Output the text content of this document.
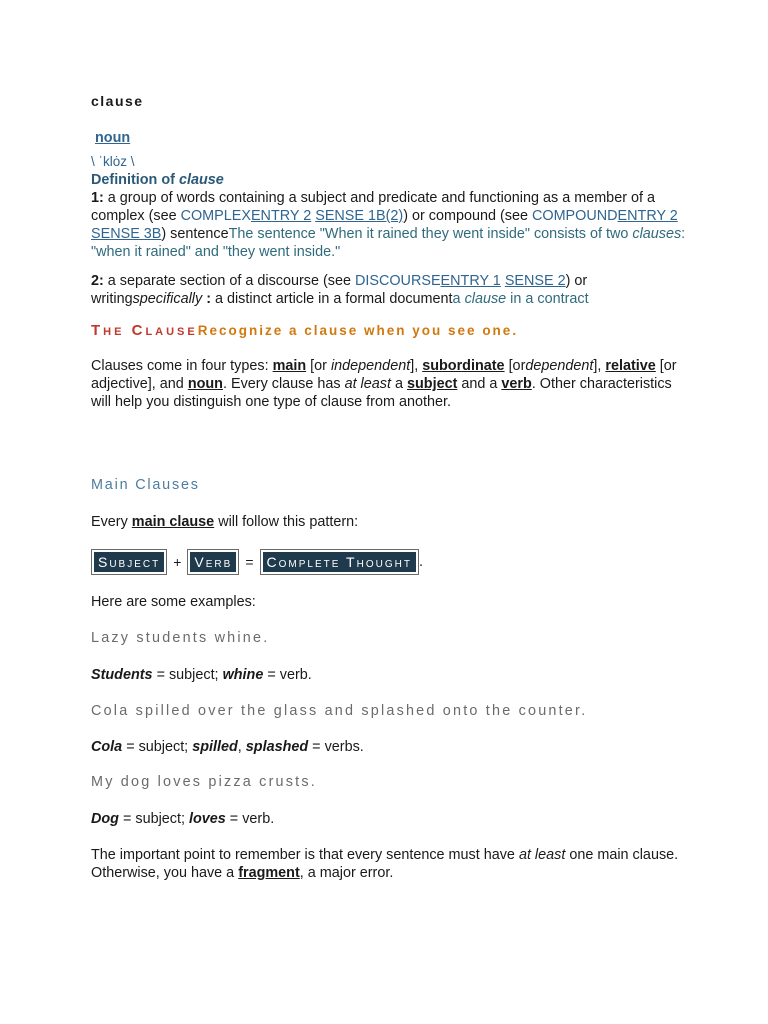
clause
noun
\ ˈklȯz \
Definition of clause
1: a group of words containing a subject and predicate and functioning as a member of a complex (see COMPLEXENTRY 2 SENSE 1B(2)) or compound (see COMPOUNDENTRY 2 SENSE 3B) sentenceThe sentence "When it rained they went inside" consists of two clauses: "when it rained" and "they went inside."
2: a separate section of a discourse (see DISCOURSEENTRY 1 SENSE 2) or writingspecifically : a distinct article in a formal documenta clause in a contract
The ClauseRecognize a clause when you see one.
Clauses come in four types: main [or independent], subordinate [ordependent], relative [or adjective], and noun. Every clause has at least a subject and a verb. Other characteristics will help you distinguish one type of clause from another.
Main Clauses
Every main clause will follow this pattern:
Subject + Verb = Complete Thought .
Here are some examples:
Lazy students whine.
Students = subject; whine = verb.
Cola spilled over the glass and splashed onto the counter.
Cola = subject; spilled, splashed = verbs.
My dog loves pizza crusts.
Dog = subject; loves = verb.
The important point to remember is that every sentence must have at least one main clause. Otherwise, you have a fragment, a major error.
